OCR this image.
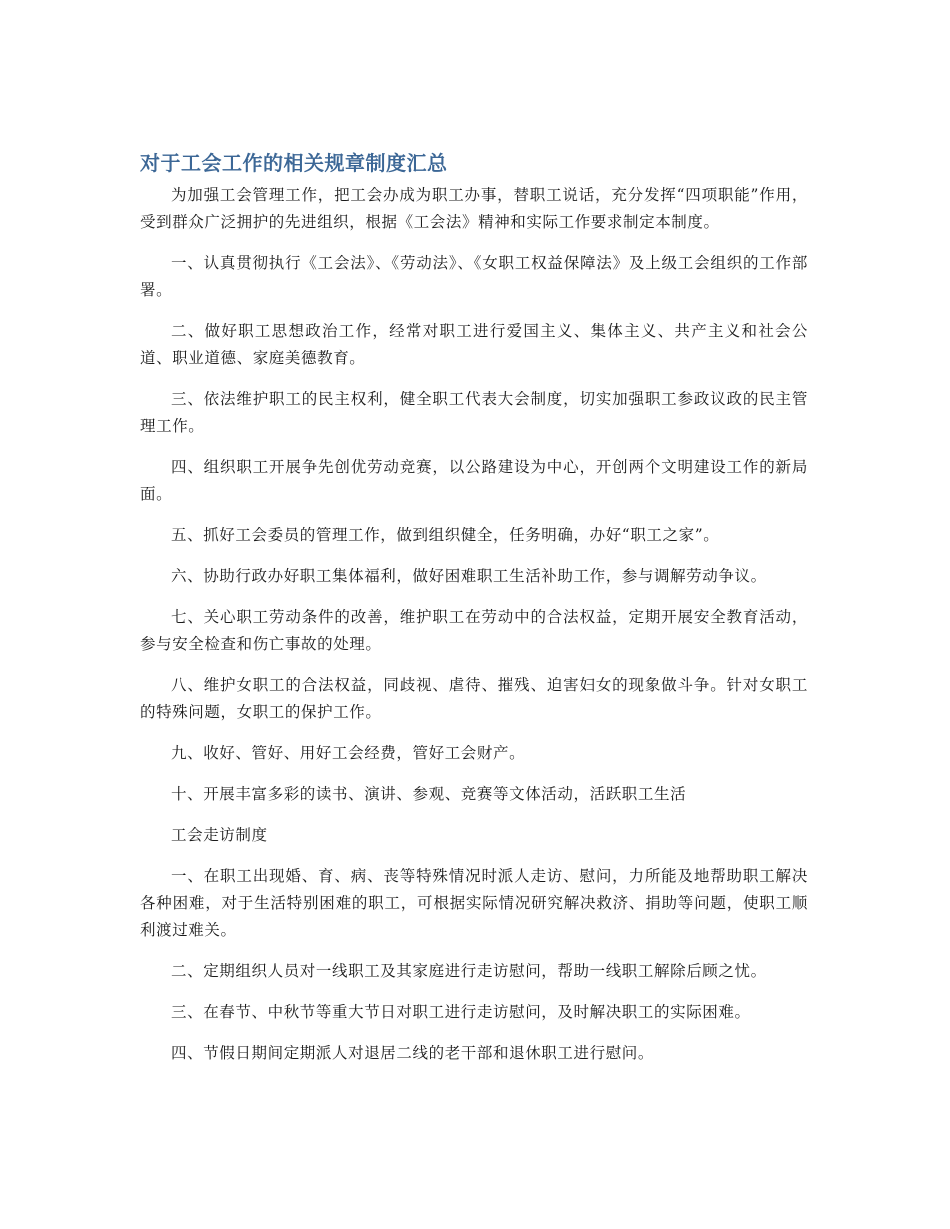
对于工会工作的相关规章制度汇总

为加强工会管理工作，把工会办成为职工办事，替职工说话，充分发挥“四项职能”作用，受到群众广泛拥护的先进组织，根据《工会法》精神和实际工作要求制定本制度。

一、认真贯彻执行《工会法》、《劳动法》、《女职工权益保障法》及上级工会组织的工作部署。

二、做好职工思想政治工作，经常对职工进行爱国主义、集体主义、共产主义和社会公道、职业道德、家庭美德教育。

三、依法维护职工的民主权利，健全职工代表大会制度，切实加强职工参政议政的民主管理工作。

四、组织职工开展争先创优劳动竞赛，以公路建设为中心，开创两个文明建设工作的新局面。

五、抓好工会委员的管理工作，做到组织健全，任务明确，办好“职工之家”。

六、协助行政办好职工集体福利，做好困难职工生活补助工作，参与调解劳动争议。

七、关心职工劳动条件的改善，维护职工在劳动中的合法权益，定期开展安全教育活动，参与安全检查和伤亡事故的处理。

八、维护女职工的合法权益，同歧视、虐待、摧残、迫害妇女的现象做斗争。针对女职工的特殊问题，女职工的保护工作。

九、收好、管好、用好工会经费，管好工会财产。

十、开展丰富多彩的读书、演讲、参观、竞赛等文体活动，活跃职工生活

工会走访制度

一、在职工出现婚、育、病、丧等特殊情况时派人走访、慰问，力所能及地帮助职工解决各种困难，对于生活特别困难的职工，可根据实际情况研究解决救济、捐助等问题，使职工顺利渡过难关。

二、定期组织人员对一线职工及其家庭进行走访慰问，帮助一线职工解除后顾之忧。

三、在春节、中秋节等重大节日对职工进行走访慰问，及时解决职工的实际困难。

四、节假日期间定期派人对退居二线的老干部和退休职工进行慰问。
